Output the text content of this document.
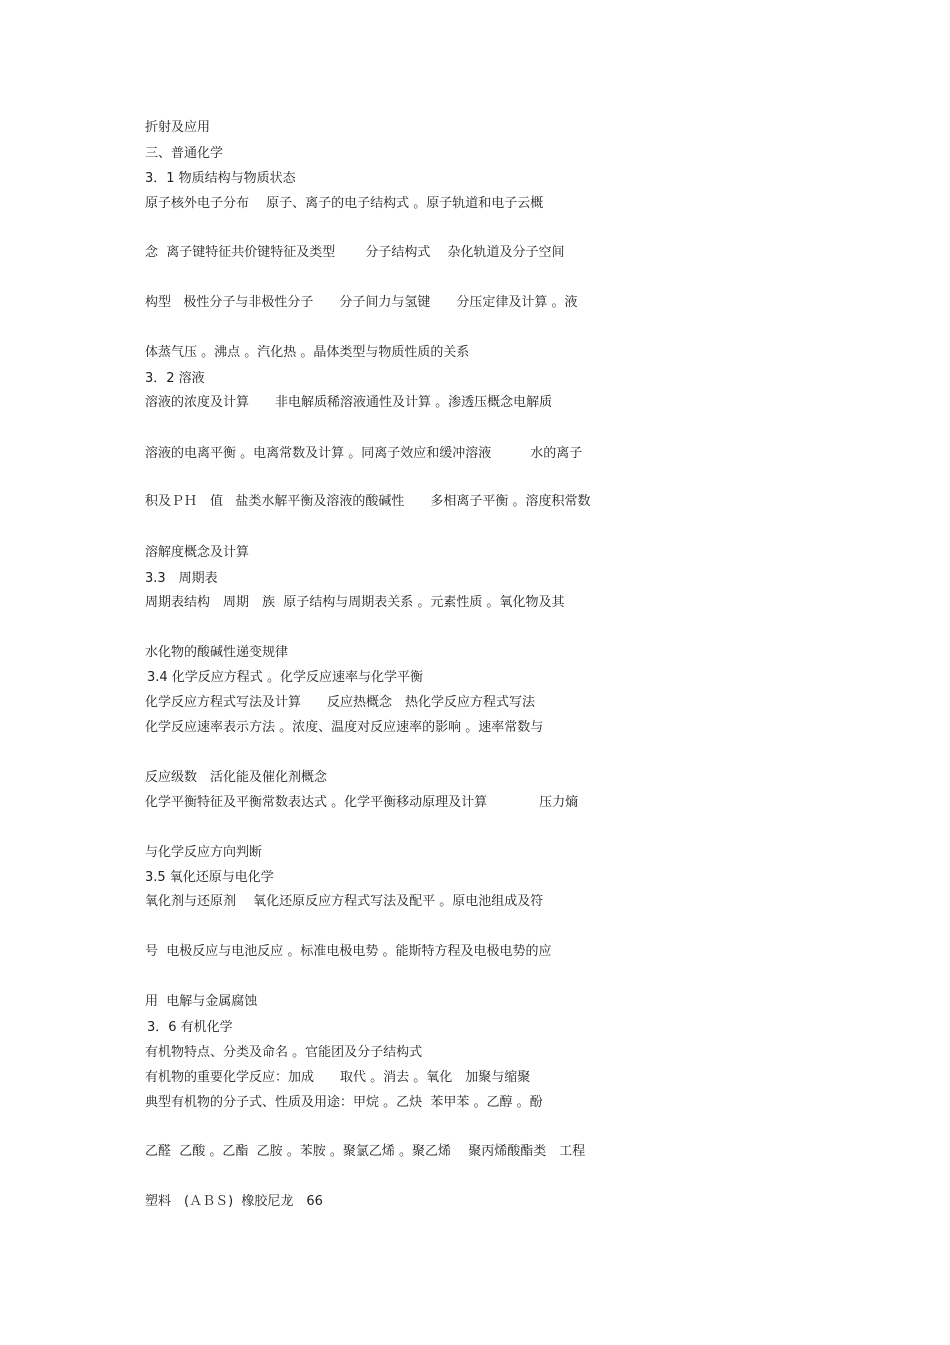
折射及应用
三、普通化学
3．1 物质结构与物质状态
原子核外电子分布　 原子、离子的电子结构式 。原子轨道和电子云概
念  离子键特征共价键特征及类型　　 分子结构式　 杂化轨道及分子空间
构型   极性分子与非极性分子　　分子间力与氢键　　分压定律及计算 。液
体蒸气压 。沸点 。汽化热 。晶体类型与物质性质的关系
3．2 溶液
溶液的浓度及计算　　非电解质稀溶液通性及计算 。渗透压概念电解质
溶液的电离平衡 。电离常数及计算 。同离子效应和缓冲溶液　　　水的离子
积及ＰＨ　值   盐类水解平衡及溶液的酸碱性　　多相离子平衡 。溶度积常数
溶解度概念及计算
3.3　周期表
周期表结构　周期　族  原子结构与周期表关系 。元素性质 。氧化物及其
水化物的酸碱性递变规律
3.4 化学反应方程式 。化学反应速率与化学平衡
化学反应方程式写法及计算　　反应热概念　热化学反应方程式写法
化学反应速率表示方法 。浓度、温度对反应速率的影响 。速率常数与
反应级数　活化能及催化剂概念
化学平衡特征及平衡常数表达式 。化学平衡移动原理及计算　　　　压力熵
与化学反应方向判断
3.5 氧化还原与电化学
氧化剂与还原剂　 氧化还原反应方程式写法及配平 。原电池组成及符
号  电极反应与电池反应 。标准电极电势 。能斯特方程及电极电势的应
用  电解与金属腐蚀
3．6 有机化学
有机物特点、分类及命名 。官能团及分子结构式
有机物的重要化学反应：加成　　取代 。消去 。氧化　加聚与缩聚
典型有机物的分子式、性质及用途：甲烷 。乙炔  苯甲苯 。乙醇 。酚
乙醛  乙酸 。乙酯  乙胺 。苯胺 。聚氯乙烯 。聚乙烯　 聚丙烯酸酯类　工程
塑料　(ＡＢＳ)  橡胶尼龙　66
